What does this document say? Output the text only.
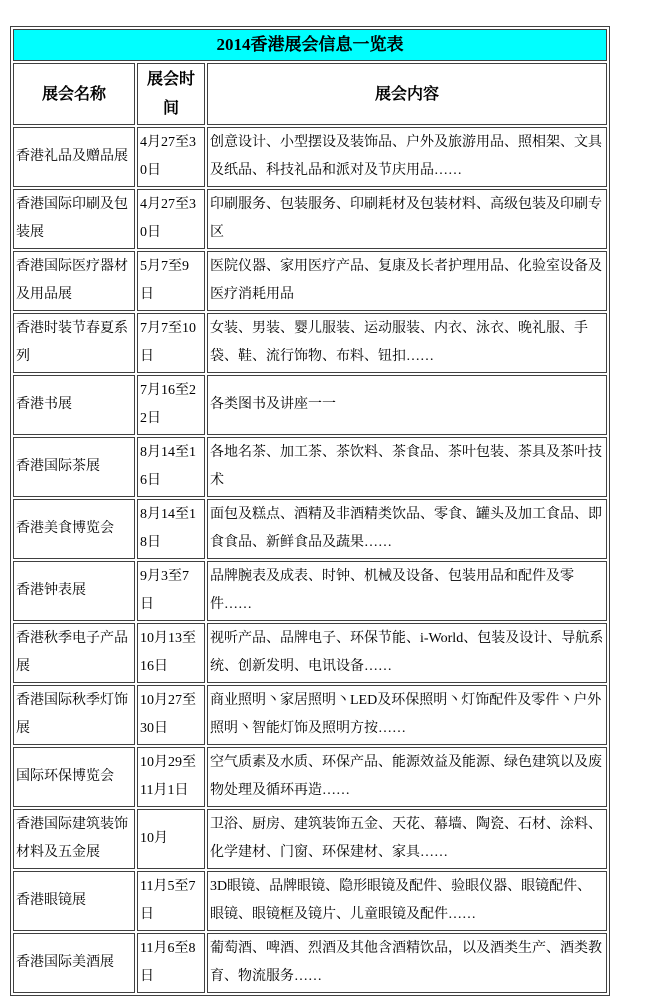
2014香港展会信息一览表		
展会名称	展会时间	展会内容
香港礼品及赠品展	4月27至30日	创意设计、小型摆设及装饰品、户外及旅游用品、照相架、文具及纸品、科技礼品和派对及节庆用品……
香港国际印刷及包装展	4月27至30日	印刷服务、包装服务、印刷耗材及包装材料、高级包装及印刷专区
香港国际医疗器材及用品展	5月7至9日	医院仪器、家用医疗产品、复康及长者护理用品、化验室设备及医疗消耗用品
香港时装节春夏系列	7月7至10日	女装、男装、婴儿服装、运动服装、内衣、泳衣、晚礼服、手袋、鞋、流行饰物、布料、钮扣……
香港书展	7月16至22日	各类图书及讲座一一
香港国际茶展	8月14至16日	各地名茶、加工茶、茶饮料、茶食品、茶叶包装、茶具及茶叶技术
香港美食博览会	8月14至18日	面包及糕点、酒精及非酒精类饮品、零食、罐头及加工食品、即食食品、新鲜食品及蔬果……
香港钟表展	9月3至7日	品牌腕表及成表、时钟、机械及设备、包装用品和配件及零件……
香港秋季电子产品展	10月13至16日	视听产品、品牌电子、环保节能、i-World、包装及设计、导航系统、创新发明、电讯设备……
香港国际秋季灯饰展	10月27至30日	商业照明丶家居照明丶LED及环保照明丶灯饰配件及零件丶户外照明丶智能灯饰及照明方按……
国际环保博览会	10月29至11月1日	空气质素及水质、环保产品、能源效益及能源、绿色建筑以及废物处理及循环再造……
香港国际建筑装饰材料及五金展	10月	卫浴、厨房、建筑装饰五金、天花、幕墙、陶瓷、石材、涂料、化学建材、门窗、环保建材、家具……
香港眼镜展	11月5至7日	3D眼镜、品牌眼镜、隐形眼镜及配件、验眼仪器、眼镜配件、眼镜、眼镜框及镜片、儿童眼镜及配件……
香港国际美酒展	11月6至8日	葡萄酒、啤酒、烈酒及其他含酒精饮品，以及酒类生产、酒类教育、物流服务……
